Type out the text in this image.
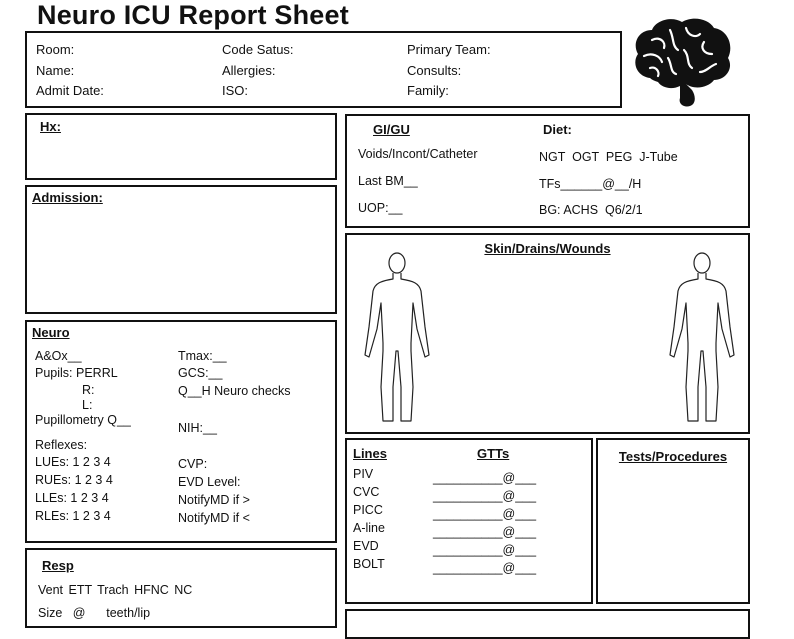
Neuro ICU Report Sheet
Room:
Name:
Admit Date:
Code Satus:
Allergies:
ISO:
Primary Team:
Consults:
Family:
Hx:
Admission:
Neuro
A&Ox__
Pupils: PERRL
R:
L:
Pupillometry Q__
Reflexes:
LUEs: 1 2 3 4
RUEs: 1 2 3 4
LLEs: 1 2 3 4
RLEs: 1 2 3 4
Tmax:__
GCS:__
Q__H Neuro checks
NIH:__
CVP:
EVD Level:
NotifyMD if >
NotifyMD if <
Resp
Vent ETT Trach HFNC NC
Size   @      teeth/lip
GI/GU
Voids/Incont/Catheter
Last BM__
UOP:__
Diet:
NGT  OGT  PEG  J-Tube
TFs______@__/H
BG: ACHS  Q6/2/1
Skin/Drains/Wounds
Lines	GTTs
PIV
CVC
PICC
A-line
EVD
BOLT
__________@___
__________@___
__________@___
__________@___
__________@___
__________@___
Tests/Procedures
